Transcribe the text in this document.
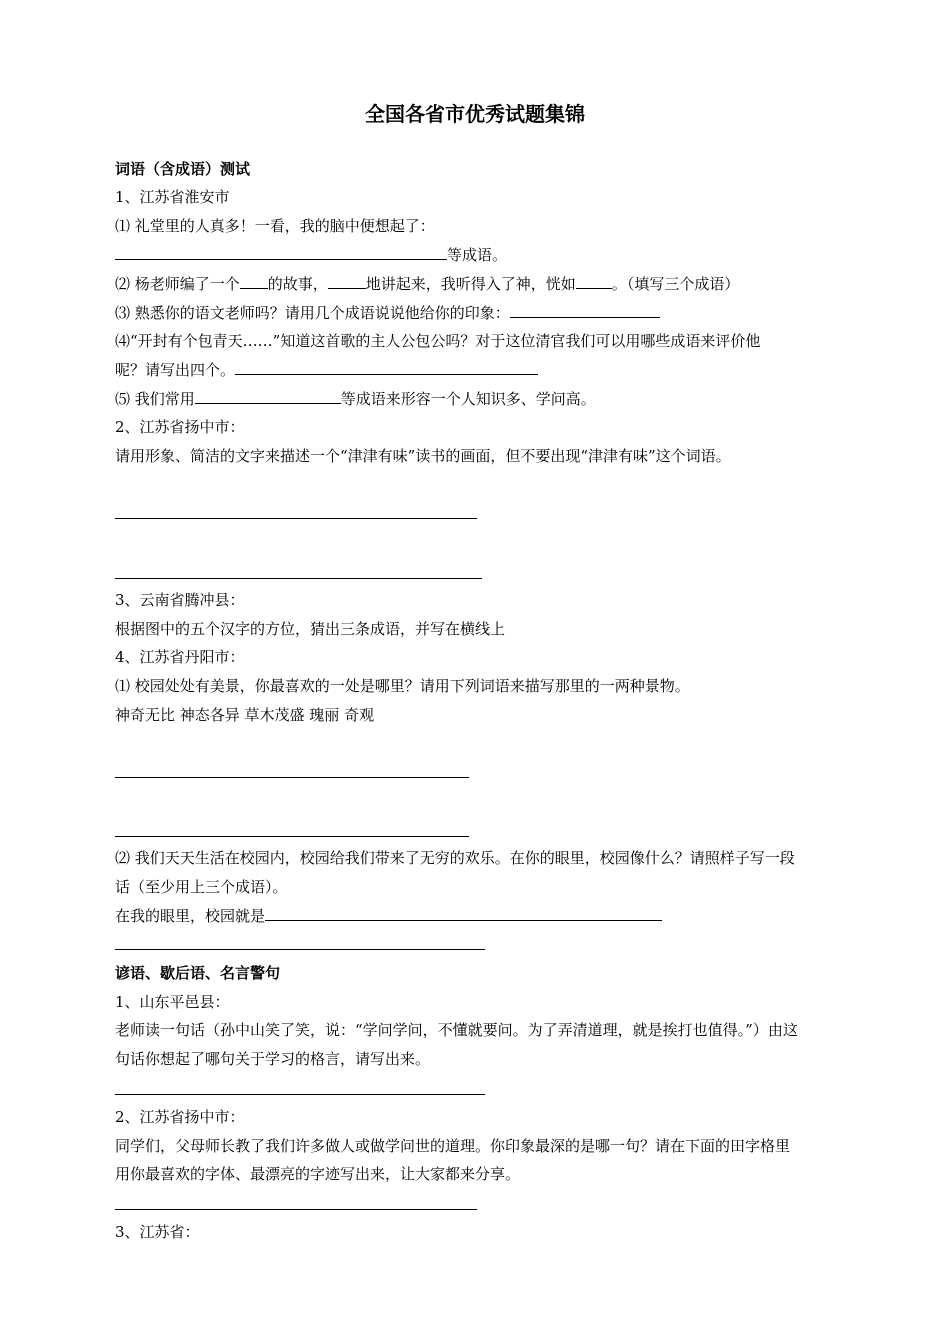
全国各省市优秀试题集锦
词语（含成语）测试
1、江苏省淮安市
⑴ 礼堂里的人真多！一看，我的脑中便想起了：
等成语。
⑵ 杨老师编了一个 的故事，	地讲起来，我听得入了神，恍如 。（填写三个成语）
⑶ 熟悉你的语文老师吗？请用几个成语说说他给你的印象：
⑷“开封有个包青天……”知道这首歌的主人公包公吗？对于这位清官我们可以用哪些成语来评价他
呢？请写出四个。
⑸ 我们常用	等成语来形容一个人知识多、学问高。
2、江苏省扬中市：
请用形象、简洁的文字来描述一个“津津有味”读书的画面，但不要出现“津津有味”这个词语。
3、云南省腾冲县：
根据图中的五个汉字的方位，猜出三条成语，并写在横线上
4、江苏省丹阳市：
⑴ 校园处处有美景，你最喜欢的一处是哪里？请用下列词语来描写那里的一两种景物。
神奇无比 神态各异 草木茂盛 瑰丽 奇观
⑵ 我们天天生活在校园内，校园给我们带来了无穷的欢乐。在你的眼里，校园像什么？请照样子写一段
话（至少用上三个成语）。
在我的眼里，校园就是
谚语、歇后语、名言警句
1、山东平邑县：
老师读一句话（孙中山笑了笑，说：“学问学问，不懂就要问。为了弄清道理，就是挨打也值得。”）由这
句话你想起了哪句关于学习的格言，请写出来。
2、江苏省扬中市：
同学们，父母师长教了我们许多做人或做学问世的道理。你印象最深的是哪一句？请在下面的田字格里
用你最喜欢的字体、最漂亮的字迹写出来，让大家都来分享。
3、江苏省：
